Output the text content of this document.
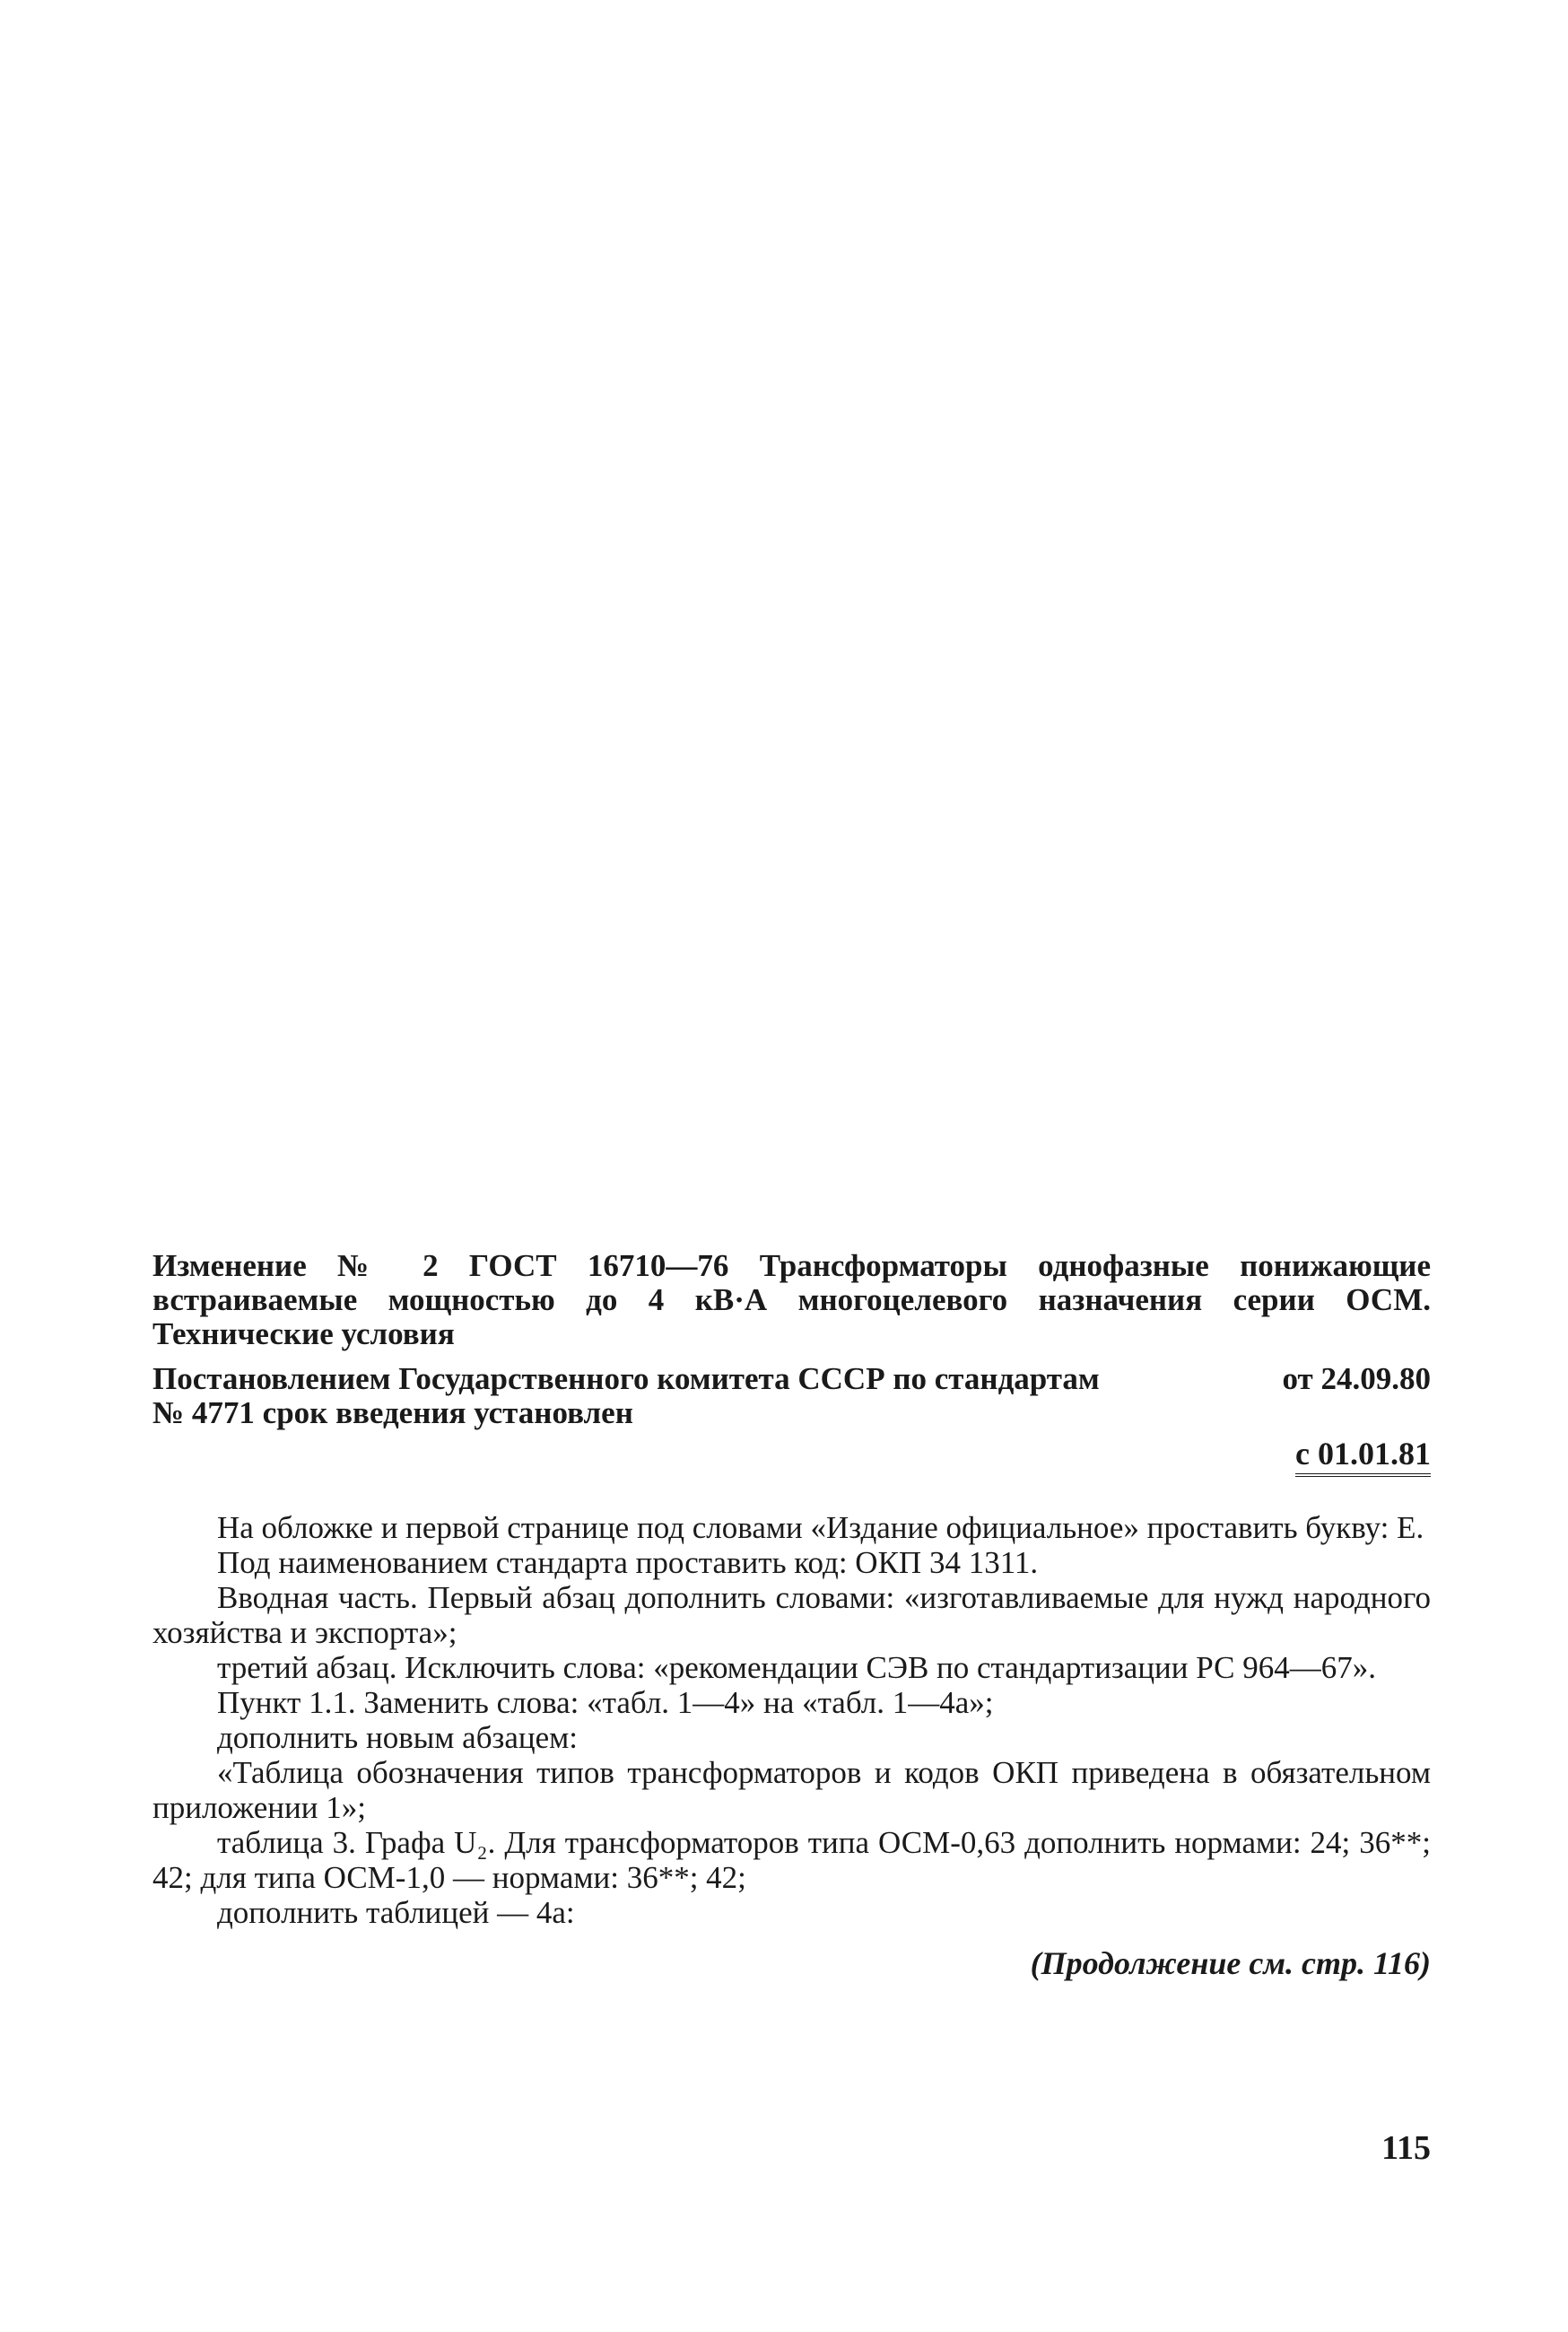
Изменение № 2 ГОСТ 16710—76 Трансформаторы однофазные понижающие встраиваемые мощностью до 4 кВ·А многоцелевого назначения серии ОСМ. Технические условия
Постановлением Государственного комитета СССР по стандартам	от 24.09.80
№ 4771 срок введения установлен
с 01.01.81

На обложке и первой странице под словами «Издание официальное» проставить букву: Е.

Под наименованием стандарта проставить код: ОКП 34 1311.

Вводная часть. Первый абзац дополнить словами: «изготавливаемые для нужд народного хозяйства и экспорта»;

третий абзац. Исключить слова: «рекомендации СЭВ по стандартизации РС 964—67».

Пункт 1.1. Заменить слова: «табл. 1—4» на «табл. 1—4а»;

дополнить новым абзацем:

«Таблица обозначения типов трансформаторов и кодов ОКП приведена в обязательном приложении 1»;

таблица 3. Графа U₂. Для трансформаторов типа ОСМ-0,63 дополнить нормами: 24; 36**; 42; для типа ОСМ-1,0 — нормами: 36**; 42;

дополнить таблицей — 4а:

(Продолжение см. стр. 116)
115
